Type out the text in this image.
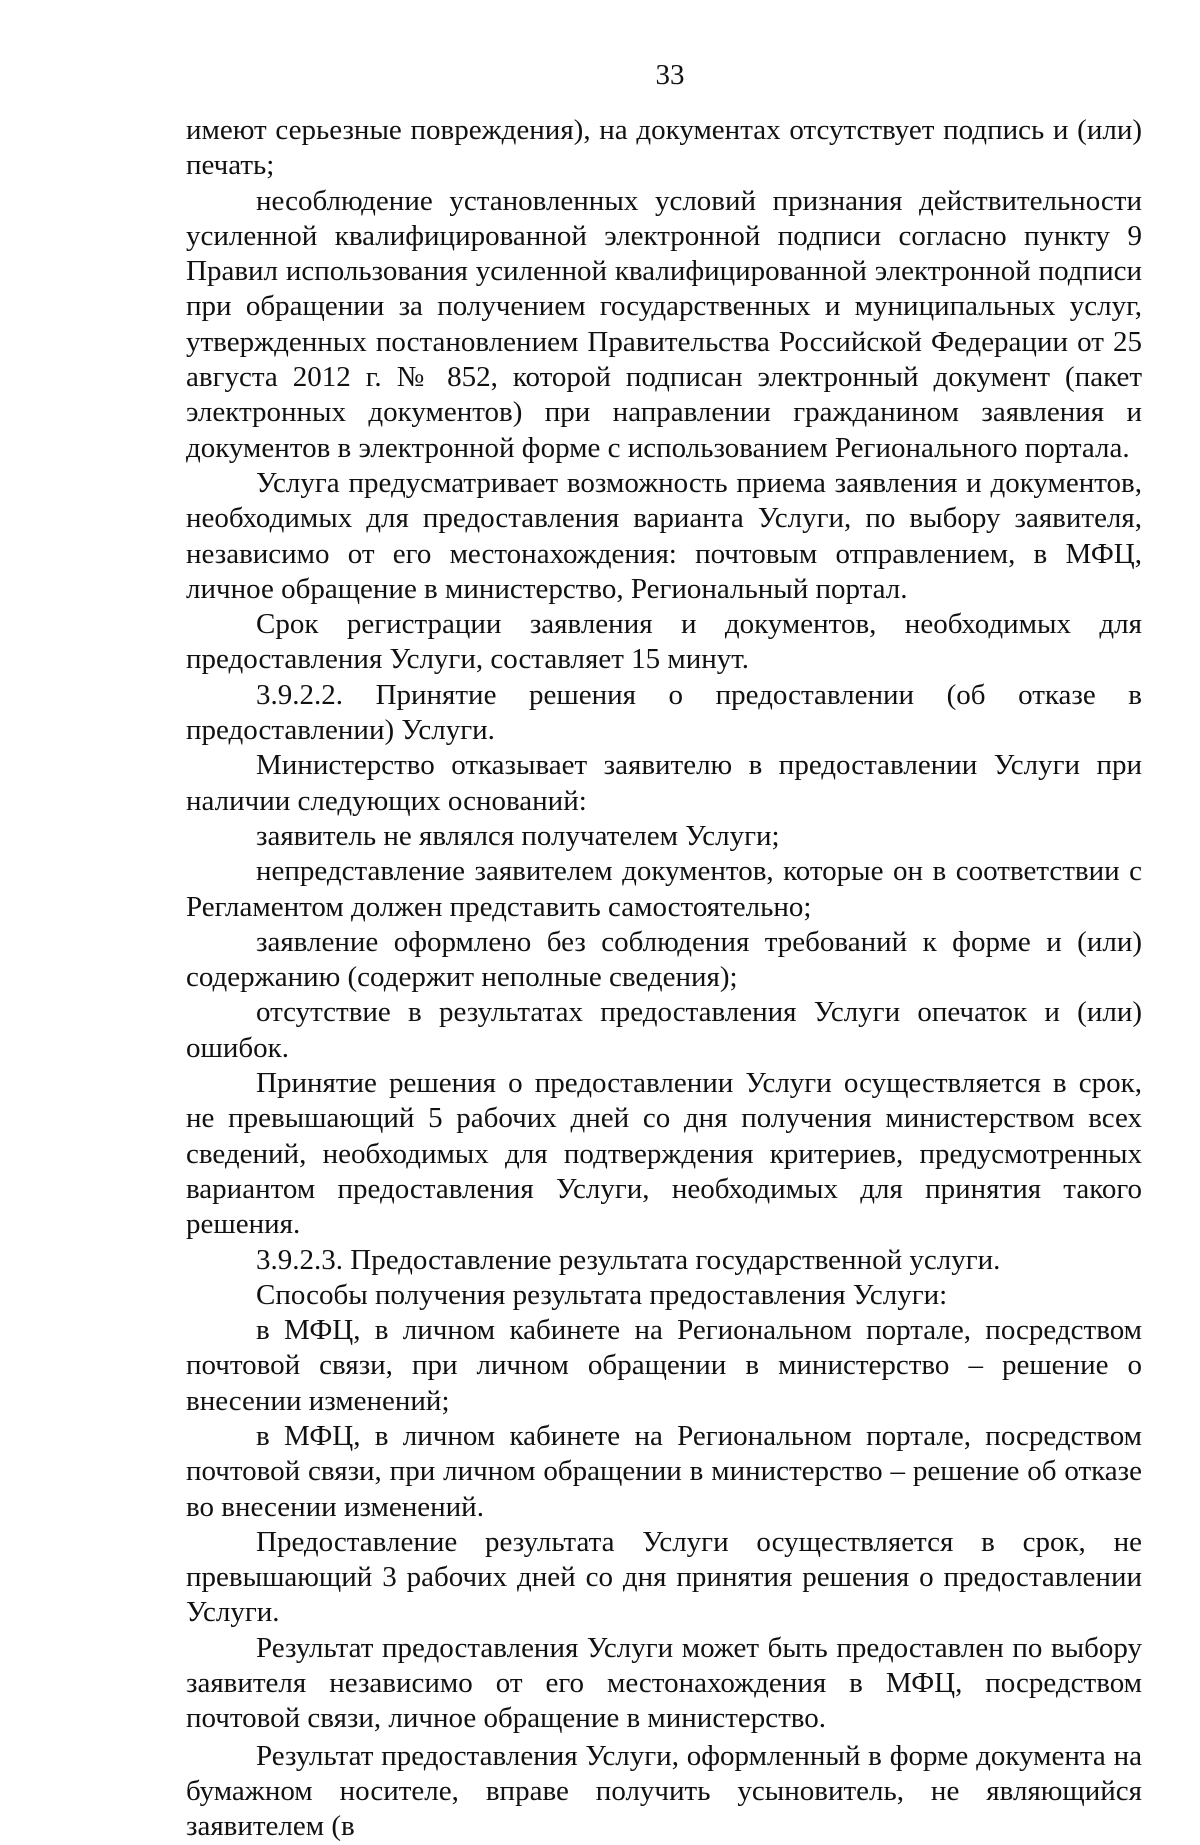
33

имеют серьезные повреждения), на документах отсутствует подпись и (или) печать;

несоблюдение установленных условий признания действительности усиленной квалифицированной электронной подписи согласно пункту 9 Правил использования усиленной квалифицированной электронной подписи при обращении за получением государственных и муниципальных услуг, утвержденных постановлением Правительства Российской Федерации от 25 августа 2012 г. № 852, которой подписан электронный документ (пакет электронных документов) при направлении гражданином заявления и документов в электронной форме с использованием Регионального портала.

Услуга предусматривает возможность приема заявления и документов, необходимых для предоставления варианта Услуги, по выбору заявителя, независимо от его местонахождения: почтовым отправлением, в МФЦ, личное обращение в министерство, Региональный портал.

Срок регистрации заявления и документов, необходимых для предоставления Услуги, составляет 15 минут.

3.9.2.2. Принятие решения о предоставлении (об отказе в предоставлении) Услуги.

Министерство отказывает заявителю в предоставлении Услуги при наличии следующих оснований:

заявитель не являлся получателем Услуги;

непредставление заявителем документов, которые он в соответствии с Регламентом должен представить самостоятельно;

заявление оформлено без соблюдения требований к форме и (или) содержанию (содержит неполные сведения);

отсутствие в результатах предоставления Услуги опечаток и (или) ошибок.

Принятие решения о предоставлении Услуги осуществляется в срок, не превышающий 5 рабочих дней со дня получения министерством всех сведений, необходимых для подтверждения критериев, предусмотренных вариантом предоставления Услуги, необходимых для принятия такого решения.

3.9.2.3. Предоставление результата государственной услуги.

Способы получения результата предоставления Услуги:

в МФЦ, в личном кабинете на Региональном портале, посредством почтовой связи, при личном обращении в министерство – решение о внесении изменений;

в МФЦ, в личном кабинете на Региональном портале, посредством почтовой связи, при личном обращении в министерство – решение об отказе во внесении изменений.

Предоставление результата Услуги осуществляется в срок, не превышающий 3 рабочих дней со дня принятия решения о предоставлении Услуги.

Результат предоставления Услуги может быть предоставлен по выбору заявителя независимо от его местонахождения в МФЦ, посредством почтовой связи, личное обращение в министерство.

Результат предоставления Услуги, оформленный в форме документа на бумажном носителе, вправе получить усыновитель, не являющийся заявителем (в
